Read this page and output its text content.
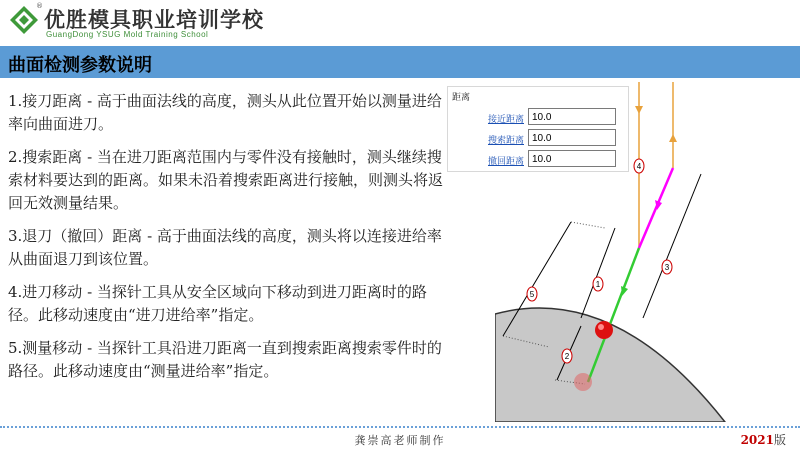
®
优胜模具职业培训学校
GuangDong YSUG Mold Training School
曲面检测参数说明

1.接刀距离 - 高于曲面法线的高度，测头从此位置开始以测量进给率向曲面进刀。

2.搜索距离 - 当在进刀距离范围内与零件没有接触时，测头继续搜索材料要达到的距离。如果未沿着搜索距离进行接触，则测头将返回无效测量结果。

3.退刀（撤回）距离 - 高于曲面法线的高度，测头将以连接进给率从曲面退刀到该位置。

4.进刀移动 - 当探针工具从安全区域向下移动到进刀距离时的路径。此移动速度由“进刀进给率”指定。

5.测量移动 - 当探针工具沿进刀距离一直到搜索距离搜索零件时的路径。此移动速度由“测量进给率”指定。

距离
接近距离 10.0
搜索距离 10.0
撤回距离 10.0
4
1
3
5
2
龚崇高老师制作	2021版
